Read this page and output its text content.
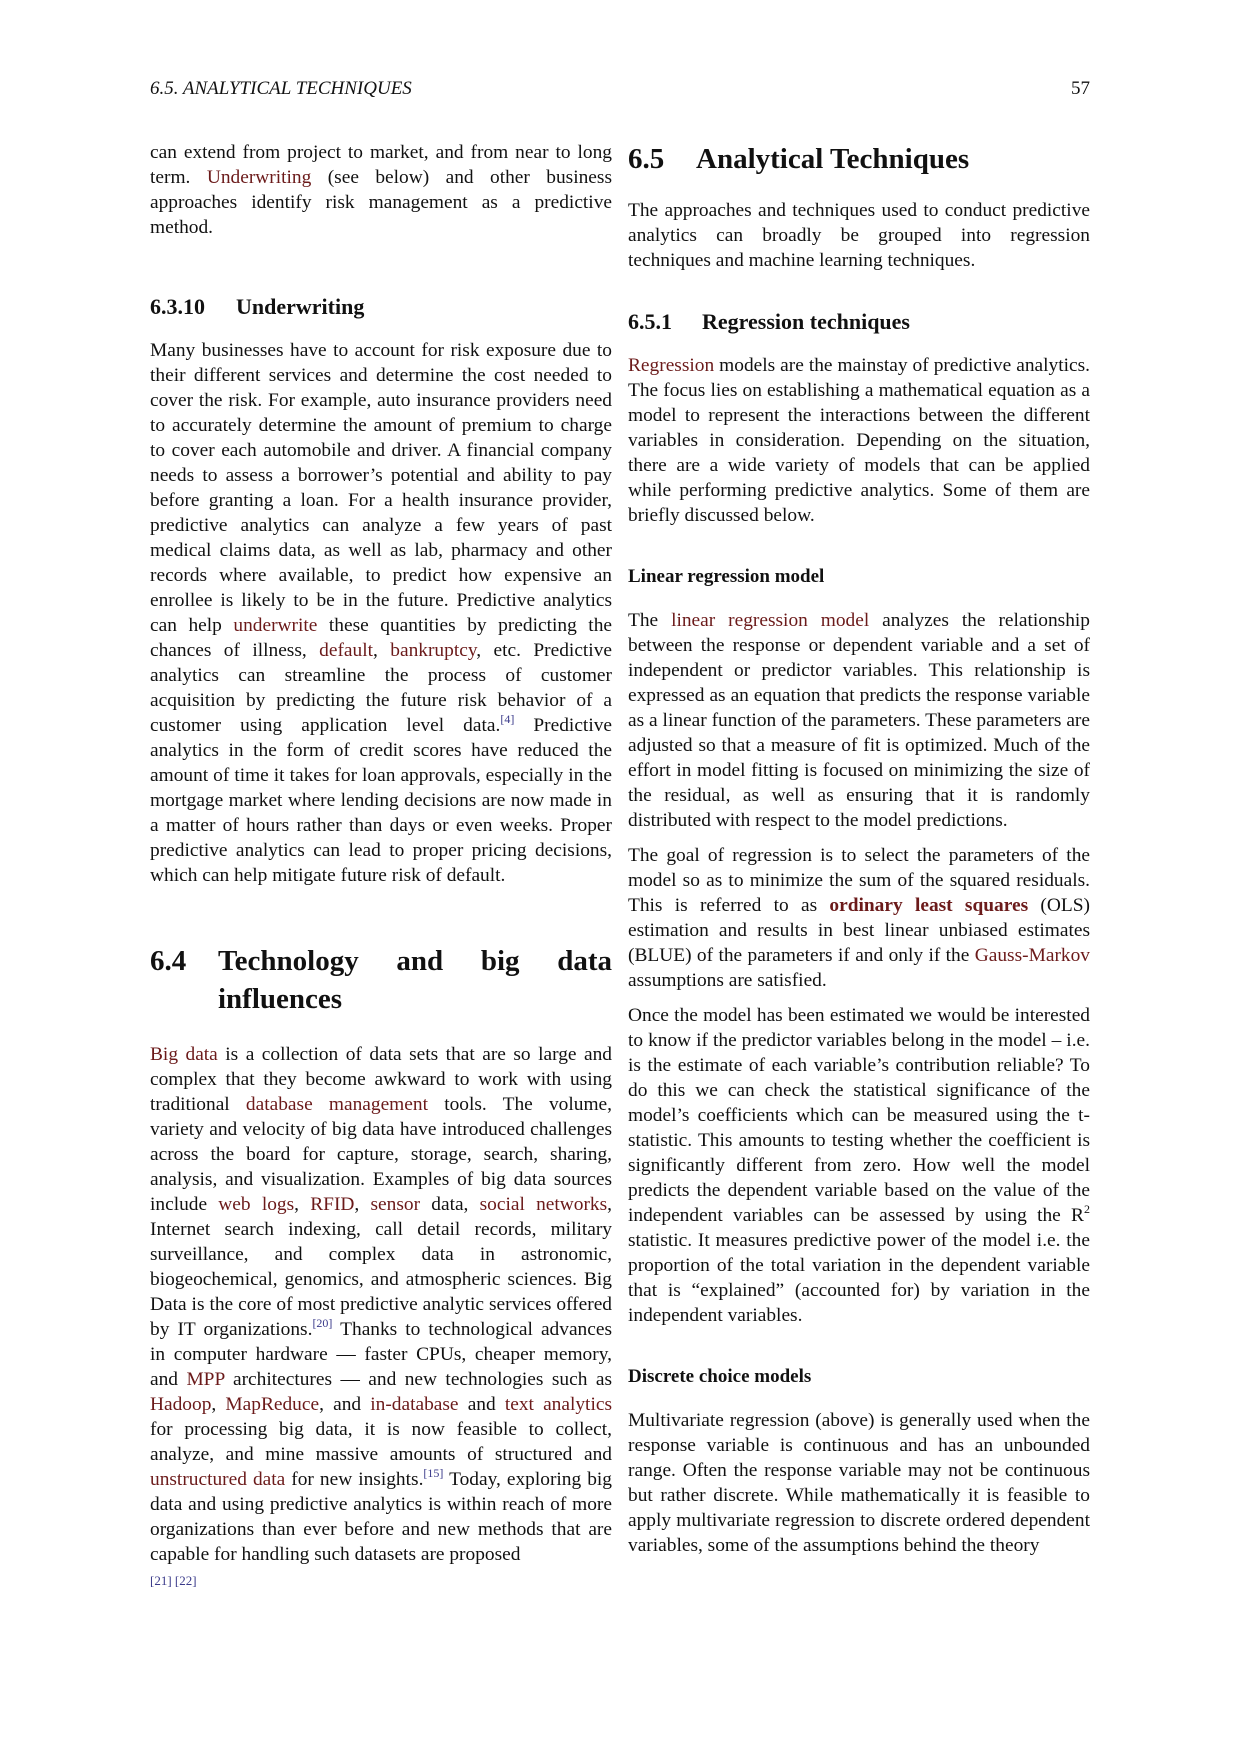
6.5. ANALYTICAL TECHNIQUES	57

can extend from project to market, and from near to long term. Underwriting (see below) and other business approaches identify risk management as a predictive method.

6.3.10 Underwriting

Many businesses have to account for risk exposure due to their different services and determine the cost needed to cover the risk. For example, auto insurance providers need to accurately determine the amount of premium to charge to cover each automobile and driver. A financial company needs to assess a borrower’s potential and ability to pay before granting a loan. For a health insurance provider, predictive analytics can analyze a few years of past medical claims data, as well as lab, pharmacy and other records where available, to predict how expensive an enrollee is likely to be in the future. Predictive analytics can help underwrite these quantities by predicting the chances of illness, default, bankruptcy, etc. Predictive analytics can streamline the process of customer acquisition by predicting the future risk behavior of a customer using application level data.[4] Predictive analytics in the form of credit scores have reduced the amount of time it takes for loan approvals, especially in the mortgage market where lending decisions are now made in a matter of hours rather than days or even weeks. Proper predictive analytics can lead to proper pricing decisions, which can help mitigate future risk of default.

6.4	Technology and big data influences

Big data is a collection of data sets that are so large and complex that they become awkward to work with using traditional database management tools. The volume, variety and velocity of big data have introduced challenges across the board for capture, storage, search, sharing, analysis, and visualization. Examples of big data sources include web logs, RFID, sensor data, social networks, Internet search indexing, call detail records, military surveillance, and complex data in astronomic, biogeochemical, genomics, and atmospheric sciences. Big Data is the core of most predictive analytic services offered by IT organizations.[20] Thanks to technological advances in computer hardware — faster CPUs, cheaper memory, and MPP architectures — and new technologies such as Hadoop, MapReduce, and in-database and text analytics for processing big data, it is now feasible to collect, analyze, and mine massive amounts of structured and unstructured data for new insights.[15] Today, exploring big data and using predictive analytics is within reach of more organizations than ever before and new methods that are capable for handling such datasets are proposed
[21] [22]

6.5 Analytical Techniques

The approaches and techniques used to conduct predictive analytics can broadly be grouped into regression techniques and machine learning techniques.

6.5.1 Regression techniques

Regression models are the mainstay of predictive analytics. The focus lies on establishing a mathematical equation as a model to represent the interactions between the different variables in consideration. Depending on the situation, there are a wide variety of models that can be applied while performing predictive analytics. Some of them are briefly discussed below.

Linear regression model

The linear regression model analyzes the relationship between the response or dependent variable and a set of independent or predictor variables. This relationship is expressed as an equation that predicts the response variable as a linear function of the parameters. These parameters are adjusted so that a measure of fit is optimized. Much of the effort in model fitting is focused on minimizing the size of the residual, as well as ensuring that it is randomly distributed with respect to the model predictions.

The goal of regression is to select the parameters of the model so as to minimize the sum of the squared residuals. This is referred to as ordinary least squares (OLS) estimation and results in best linear unbiased estimates (BLUE) of the parameters if and only if the Gauss-Markov assumptions are satisfied.

Once the model has been estimated we would be interested to know if the predictor variables belong in the model – i.e. is the estimate of each variable’s contribution reliable? To do this we can check the statistical significance of the model’s coefficients which can be measured using the t-statistic. This amounts to testing whether the coefficient is significantly different from zero. How well the model predicts the dependent variable based on the value of the independent variables can be assessed by using the $R^2$ statistic. It measures predictive power of the model i.e. the proportion of the total variation in the dependent variable that is “explained” (accounted for) by variation in the independent variables.

Discrete choice models

Multivariate regression (above) is generally used when the response variable is continuous and has an unbounded range. Often the response variable may not be continuous but rather discrete. While mathematically it is feasible to apply multivariate regression to discrete ordered dependent variables, some of the assumptions behind the theory
